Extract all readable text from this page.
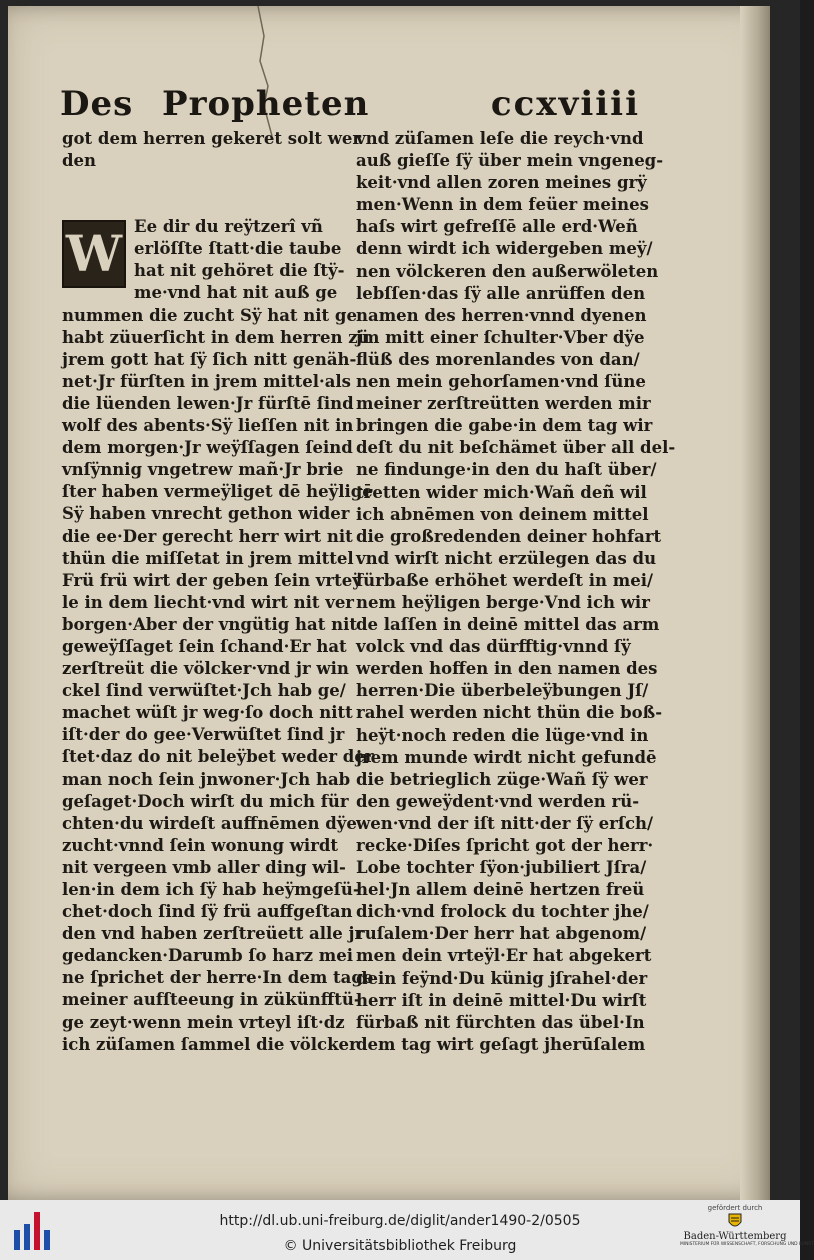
Des Propheten	ccxviiii
got dem herren gekeret solt wer
den
W Ee dir du reÿtzerî vñ
erlöſſte ſtatt·die taube
hat nit gehöret die ſtÿ-
me·vnd hat nit auß ge
nummen die zucht Sÿ hat nit ge
habt züuerſicht in dem herren zü
jrem gott hat ſÿ ſich nitt genäh-
net·Jr fürſten in jrem mittel·als
die lüenden lewen·Jr fürſtē ſind
wolf des abents·Sÿ lieſſen nit in
dem morgen·Jr weÿſſagen ſeind
vnſÿnnig vngetrew mañ·Jr brie
ſter haben vermeÿliget dē heÿligē
Sÿ haben vnrecht gethon wider
die ee·Der gerecht herr wirt nit
thün die miſſetat in jrem mittel
Frü frü wirt der geben ſein vrteÿ
le in dem liecht·vnd wirt nit ver
borgen·Aber der vngütig hat nit
geweÿſſaget ſein ſchand·Er hat
zerſtreüt die völcker·vnd jr win
ckel ſind verwüſtet·Jch hab ge/
machet wüſt jr weg·ſo doch nitt
iſt·der do gee·Verwüſtet ſind jr
ſtet·daz do nit beleÿbet weder der
man noch ſein jnwoner·Jch hab
geſaget·Doch wirſt du mich für
chten·du wirdeſt auffnēmen dÿe
zucht·vnnd ſein wonung wirdt
nit vergeen vmb aller ding wil-
len·in dem ich ſÿ hab heÿmgeſü-
chet·doch ſind ſÿ frü auffgeſtan
den vnd haben zerſtreüett alle jr
gedancken·Darumb ſo harz mei
ne ſprichet der herre·In dem tage
meiner aufſteeung in zükünfftü-
ge zeyt·wenn mein vrteyl iſt·dz
ich züſamen ſammel die völcker
vnd züſamen leſe die reych·vnd
auß gieſſe ſÿ über mein vngeneg-
keit·vnd allen zoren meines grÿ
men·Wenn in dem feüer meines
haſs wirt gefreſſē alle erd·Weñ
denn wirdt ich widergeben meÿ/
nen völckeren den außerwöleten
lebſſen·das ſÿ alle anrüffen den
namen des herren·vnnd dyenen
jm mitt einer ſchulter·Vber dÿe
flüß des morenlandes von dan/
nen mein gehorſamen·vnd ſüne
meiner zerſtreütten werden mir
bringen die gabe·in dem tag wir
deſt du nit beſchämet über all del-
ne findunge·in den du haſt über/
tretten wider mich·Wañ deñ wil
ich abnēmen von deinem mittel
die großredenden deiner hohfart
vnd wirſt nicht erzülegen das du
fürbaße erhöhet werdeſt in mei/
nem heÿligen berge·Vnd ich wir
de laſſen in deinē mittel das arm
volck vnd das dürfftig·vnnd ſÿ
werden hoffen in den namen des
herren·Die überbeleÿbungen Jſ/
rahel werden nicht thün die boß-
heÿt·noch reden die lüge·vnd in
jrem munde wirdt nicht gefundē
die betrieglich züge·Wañ ſÿ wer
den geweÿdent·vnd werden rü-
wen·vnd der iſt nitt·der ſÿ erſch/
recke·Diſes ſpricht got der herr·
Lobe tochter ſÿon·jubiliert Jſra/
hel·Jn allem deinē hertzen freü
dich·vnd frolock du tochter jhe/
ruſalem·Der herr hat abgenom/
men dein vrteÿl·Er hat abgekert
dein feÿnd·Du künig jſrahel·der
herr iſt in deinē mittel·Du wirſt
fürbaß nit fürchten das übel·In
dem tag wirt geſagt jherūſalem
http://dl.ub.uni-freiburg.de/diglit/ander1490-2/0505
© Universitätsbibliothek Freiburg
gefördert durch
Baden-Württemberg
MINISTERIUM FÜR WISSENSCHAFT, FORSCHUNG UND KUNST
